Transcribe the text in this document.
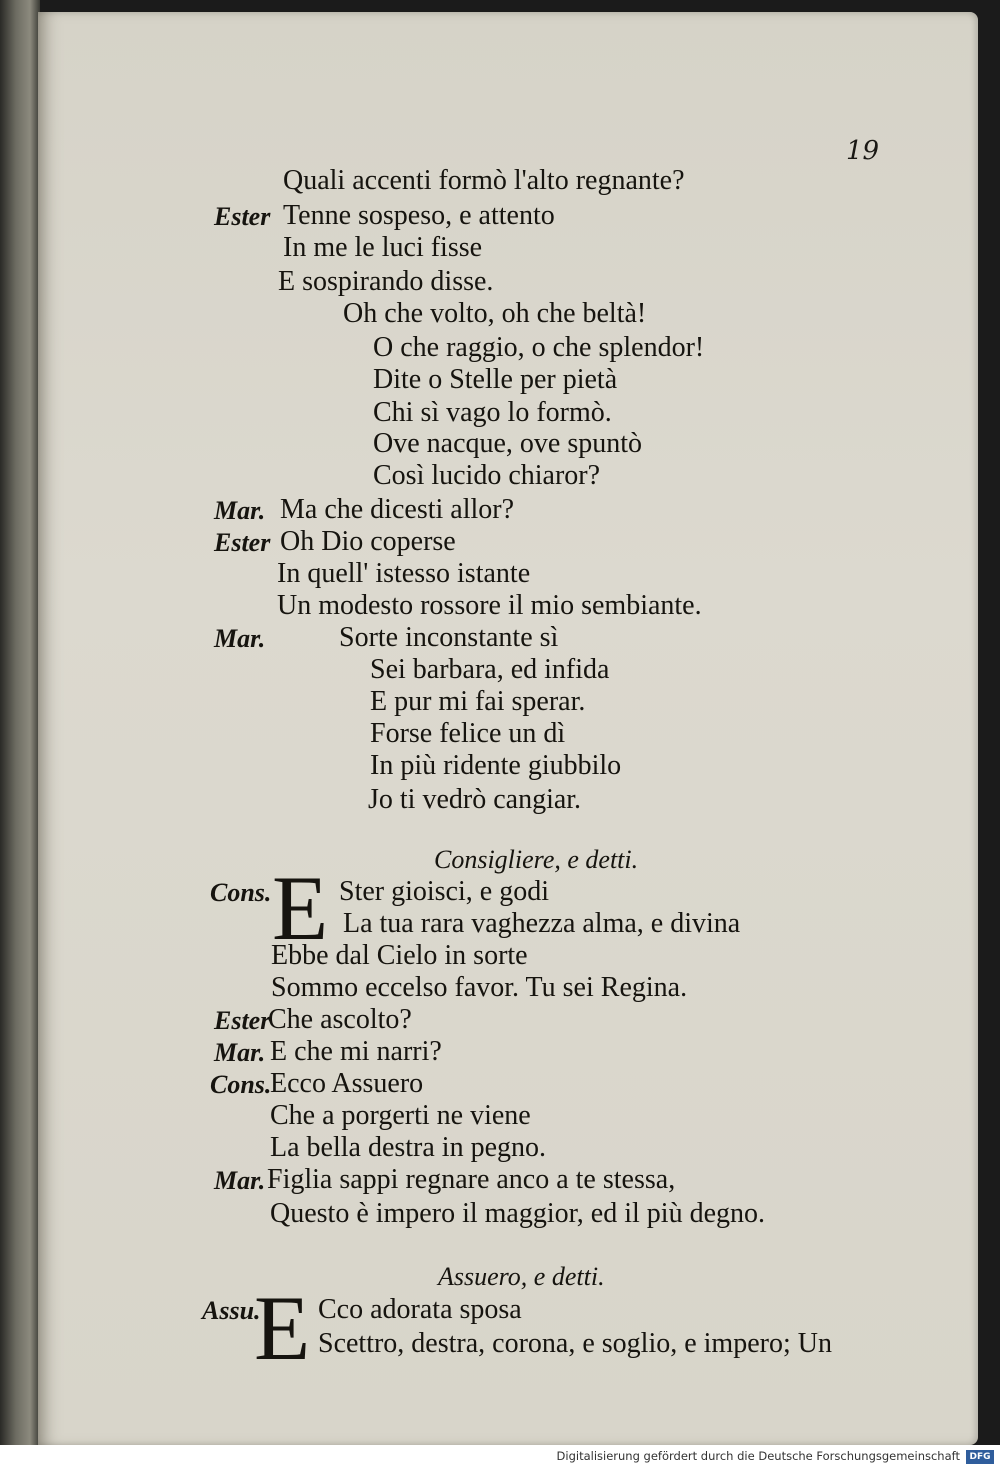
19
Quali accenti formò l'alto regnante?
Ester Tenne sospeso, e attento
In me le luci fisse
E sospirando disse.
Oh che volto, oh che beltà!
O che raggio, o che splendor!
Dite o Stelle per pietà
Chi sì vago lo formò.
Ove nacque, ove spuntò
Così lucido chiaror?
Mar. Ma che dicesti allor?
Ester Oh Dio coperse
In quell' istesso istante
Un modesto rossore il mio sembiante.
Mar.	Sorte inconstante sì
Sei barbara, ed infida
E pur mi fai sperar.
Forse felice un dì
In più ridente giubbilo
Jo ti vedrò cangiar.
Consigliere, e detti.
Cons. Ster gioisci, e godi
La tua rara vaghezza alma, e divina
Ebbe dal Cielo in sorte
Sommo eccelso favor. Tu sei Regina.
Ester
Che ascolto?
Mar. E che mi narri?
Cons.
Ecco Assuero
Che a porgerti ne viene
La bella destra in pegno.
Mar. Figlia sappi regnare anco a te stessa,
Questo è impero il maggior, ed il più degno.
Assuero, e detti.
Assu. Cco adorata sposa
Scettro, destra, corona, e soglio, e impero; Un
E
E
Digitalisierung gefördert durch die Deutsche Forschungsgemeinschaft	DFG
